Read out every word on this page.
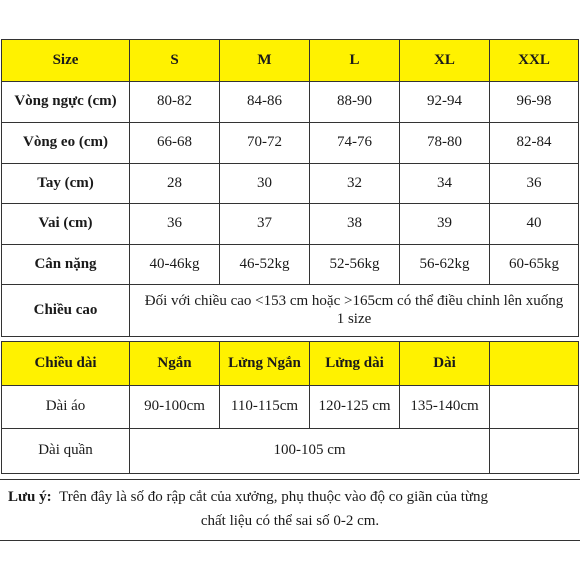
Size	S	M	L	XL	XXL
Vòng ngực (cm)	80-82	84-86	88-90	92-94	96-98
Vòng eo (cm)	66-68	70-72	74-76	78-80	82-84
Tay (cm)	28	30	32	34	36
Vai (cm)	36	37	38	39	40
Cân nặng	40-46kg	46-52kg	52-56kg	56-62kg	60-65kg
Chiều cao	Đối với chiều cao <153 cm hoặc >165cm có thể điều chỉnh lên xuống 1 size				
Chiều dài	Ngắn	Lửng Ngắn	Lửng dài	Dài	
Dài áo	90-100cm	110-115cm	120-125 cm	135-140cm	
Dài quần	100-105 cm				
Lưu ý: Trên đây là số đo rập cắt của xưởng, phụ thuộc vào độ co giãn của từng
chất liệu có thể sai số 0-2 cm.
